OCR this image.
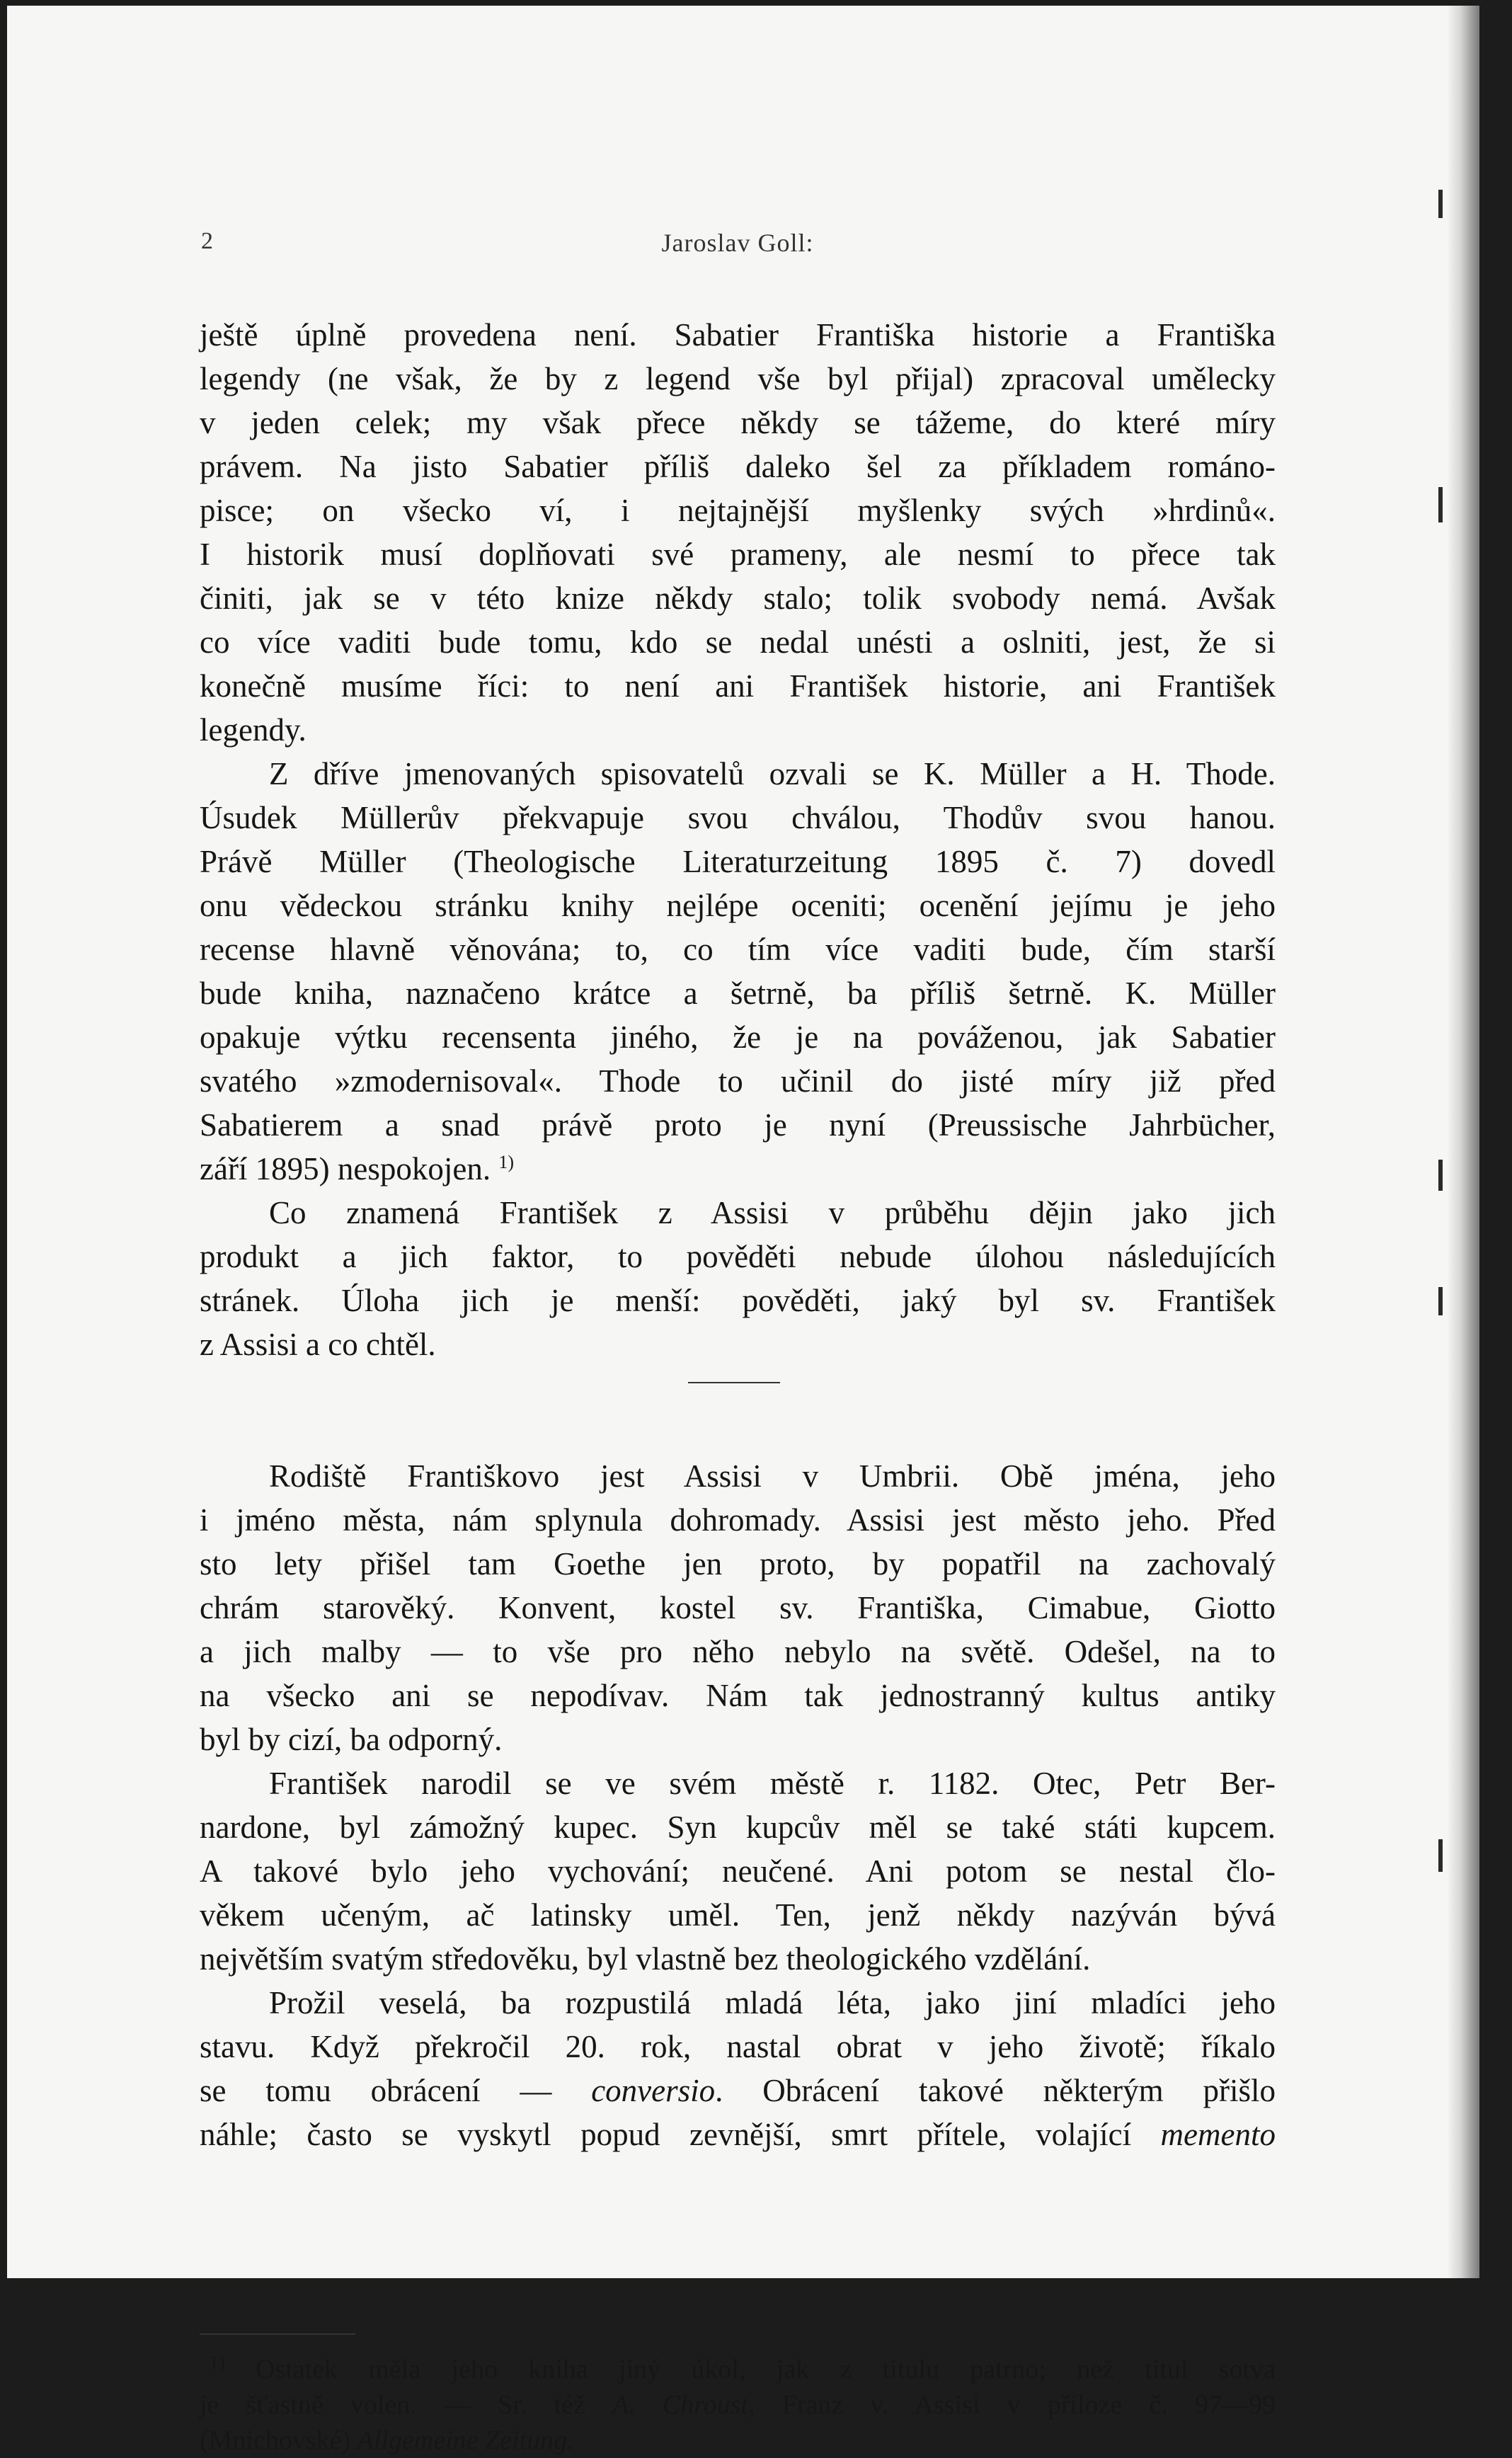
2	Jaroslav Goll:
ještě úplně provedena není. Sabatier Františka historie a Františka
legendy (ne však, že by z legend vše byl přijal) zpracoval umělecky
v jeden celek; my však přece někdy se tážeme, do které míry
právem. Na jisto Sabatier příliš daleko šel za příkladem románo-
pisce; on všecko ví, i nejtajnější myšlenky svých »hrdinů«.
I historik musí doplňovati své prameny, ale nesmí to přece tak
činiti, jak se v této knize někdy stalo; tolik svobody nemá. Avšak
co více vaditi bude tomu, kdo se nedal unésti a oslniti, jest, že si
konečně musíme říci: to není ani František historie, ani František
legendy.
Z dříve jmenovaných spisovatelů ozvali se K. Müller a H. Thode.
Úsudek Müllerův překvapuje svou chválou, Thodův svou hanou.
Právě Müller (Theologische Literaturzeitung 1895 č. 7) dovedl
onu vědeckou stránku knihy nejlépe oceniti; ocenění jejímu je jeho
recense hlavně věnována; to, co tím více vaditi bude, čím starší
bude kniha, naznačeno krátce a šetrně, ba příliš šetrně. K. Müller
opakuje výtku recensenta jiného, že je na pováženou, jak Sabatier
svatého »zmodernisoval«. Thode to učinil do jisté míry již před
Sabatierem a snad právě proto je nyní (Preussische Jahrbücher,
září 1895) nespokojen. $^{1)}$
Co znamená František z Assisi v průběhu dějin jako jich
produkt a jich faktor, to pověděti nebude úlohou následujících
stránek. Úloha jich je menší: pověděti, jaký byl sv. František
z Assisi a co chtěl.
Rodiště Františkovo jest Assisi v Umbrii. Obě jména, jeho
i jméno města, nám splynula dohromady. Assisi jest město jeho. Před
sto lety přišel tam Goethe jen proto, by popatřil na zachovalý
chrám starověký. Konvent, kostel sv. Františka, Cimabue, Giotto
a jich malby — to vše pro něho nebylo na světě. Odešel, na to
na všecko ani se nepodívav. Nám tak jednostranný kultus antiky
byl by cizí, ba odporný.
František narodil se ve svém městě r. 1182. Otec, Petr Ber-
nardone, byl zámožný kupec. Syn kupcův měl se také státi kupcem.
A takové bylo jeho vychování; neučené. Ani potom se nestal člo-
věkem učeným, ač latinsky uměl. Ten, jenž někdy nazýván bývá
největším svatým středověku, byl vlastně bez theologického vzdělání.
Prožil veselá, ba rozpustilá mladá léta, jako jiní mladíci jeho
stavu. Když překročil 20. rok, nastal obrat v jeho životě; říkalo
se tomu obrácení — conversio. Obrácení takové některým přišlo
náhle; často se vyskytl popud zevnější, smrt přítele, volající memento
$^{1)}$ Ostatek měla jeho kniha jiný úkol, jak z titulu patrno; než titul sotva
je šťastně volen. — Sr. též A. Chroust, Franz v. Assisi v příloze č. 97—99
(Mnichovské) Allgemeine Zeitung.
